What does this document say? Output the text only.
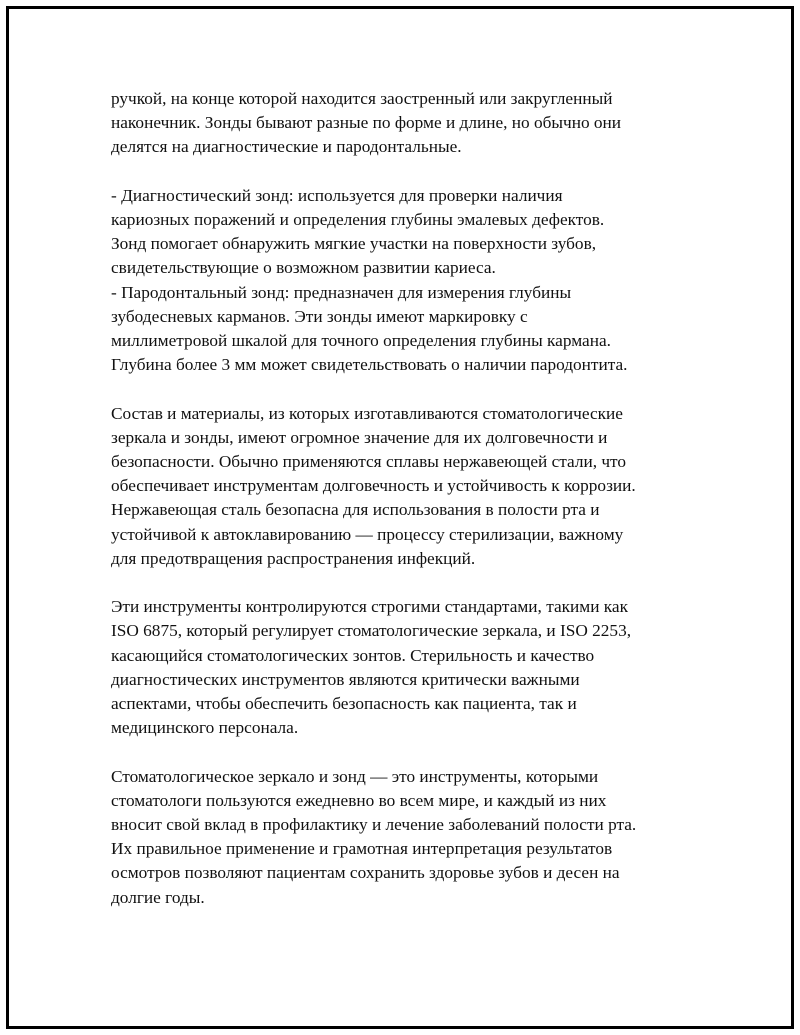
ручкой, на конце которой находится заостренный или закругленный
наконечник. Зонды бывают разные по форме и длине, но обычно они
делятся на диагностические и пародонтальные.

- Диагностический зонд: используется для проверки наличия
кариозных поражений и определения глубины эмалевых дефектов.
Зонд помогает обнаружить мягкие участки на поверхности зубов,
свидетельствующие о возможном развитии кариеса.
- Пародонтальный зонд: предназначен для измерения глубины
зубодесневых карманов. Эти зонды имеют маркировку с
миллиметровой шкалой для точного определения глубины кармана.
Глубина более 3 мм может свидетельствовать о наличии пародонтита.

Состав и материалы, из которых изготавливаются стоматологические
зеркала и зонды, имеют огромное значение для их долговечности и
безопасности. Обычно применяются сплавы нержавеющей стали, что
обеспечивает инструментам долговечность и устойчивость к коррозии.
Нержавеющая сталь безопасна для использования в полости рта и
устойчивой к автоклавированию — процессу стерилизации, важному
для предотвращения распространения инфекций.

Эти инструменты контролируются строгими стандартами, такими как
ISO 6875, который регулирует стоматологические зеркала, и ISO 2253,
касающийся стоматологических зонтов. Стерильность и качество
диагностических инструментов являются критически важными
аспектами, чтобы обеспечить безопасность как пациента, так и
медицинского персонала.

Стоматологическое зеркало и зонд — это инструменты, которыми
стоматологи пользуются ежедневно во всем мире, и каждый из них
вносит свой вклад в профилактику и лечение заболеваний полости рта.
Их правильное применение и грамотная интерпретация результатов
осмотров позволяют пациентам сохранить здоровье зубов и десен на
долгие годы.
